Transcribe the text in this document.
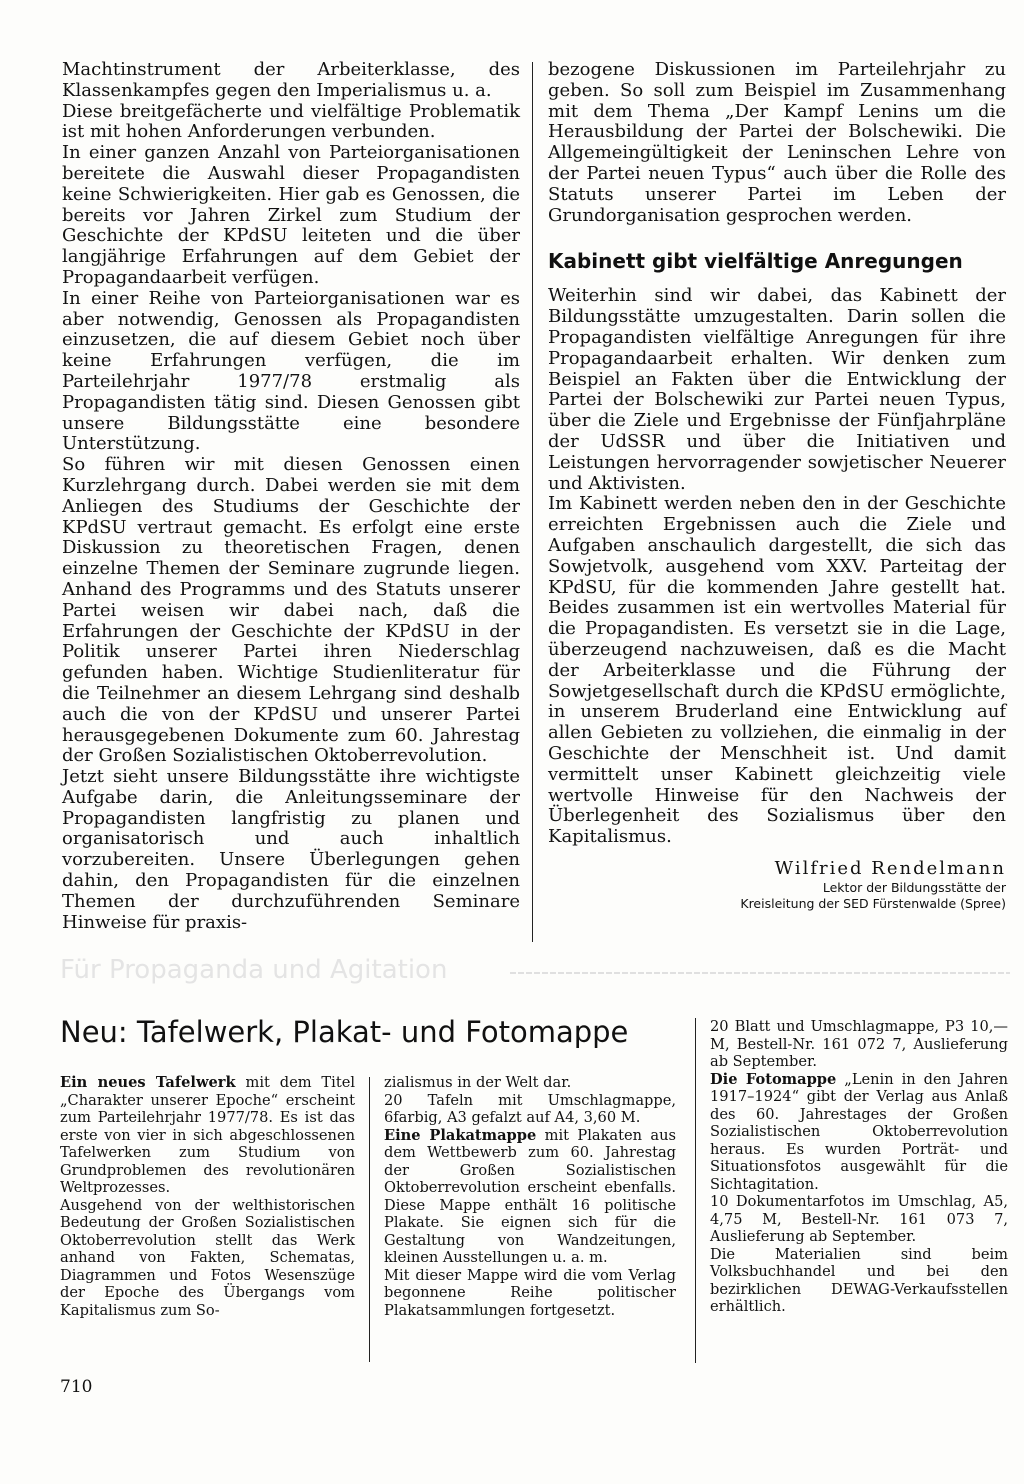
Machtinstrument der Arbeiterklasse, des Klassenkampfes gegen den Imperialismus u. a.

Diese breitgefächerte und vielfältige Problematik ist mit hohen Anforderungen verbunden.

In einer ganzen Anzahl von Parteiorganisationen bereitete die Auswahl dieser Propagandisten keine Schwierigkeiten. Hier gab es Genossen, die bereits vor Jahren Zirkel zum Studium der Geschichte der KPdSU leiteten und die über langjährige Erfahrungen auf dem Gebiet der Propagandaarbeit verfügen.

In einer Reihe von Parteiorganisationen war es aber notwendig, Genossen als Propagandisten einzusetzen, die auf diesem Gebiet noch über keine Erfahrungen verfügen, die im Parteilehrjahr 1977/78 erstmalig als Propagandisten tätig sind. Diesen Genossen gibt unsere Bildungsstätte eine besondere Unterstützung.

So führen wir mit diesen Genossen einen Kurzlehrgang durch. Dabei werden sie mit dem Anliegen des Studiums der Geschichte der KPdSU vertraut gemacht. Es erfolgt eine erste Diskussion zu theoretischen Fragen, denen einzelne Themen der Seminare zugrunde liegen. Anhand des Programms und des Statuts unserer Partei weisen wir dabei nach, daß die Erfahrungen der Geschichte der KPdSU in der Politik unserer Partei ihren Niederschlag gefunden haben. Wichtige Studienliteratur für die Teilnehmer an diesem Lehrgang sind deshalb auch die von der KPdSU und unserer Partei herausgegebenen Dokumente zum 60. Jahrestag der Großen Sozialistischen Oktoberrevolution.

Jetzt sieht unsere Bildungsstätte ihre wichtigste Aufgabe darin, die Anleitungsseminare der Propagandisten langfristig zu planen und organisatorisch und auch inhaltlich vorzubereiten. Unsere Überlegungen gehen dahin, den Propagandisten für die einzelnen Themen der durchzuführenden Seminare Hinweise für praxis-

bezogene Diskussionen im Parteilehrjahr zu geben. So soll zum Beispiel im Zusammenhang mit dem Thema „Der Kampf Lenins um die Herausbildung der Partei der Bolschewiki. Die Allgemeingültigkeit der Leninschen Lehre von der Partei neuen Typus“ auch über die Rolle des Statuts unserer Partei im Leben der Grundorganisation gesprochen werden.

Kabinett gibt vielfältige Anregungen

Weiterhin sind wir dabei, das Kabinett der Bildungsstätte umzugestalten. Darin sollen die Propagandisten vielfältige Anregungen für ihre Propagandaarbeit erhalten. Wir denken zum Beispiel an Fakten über die Entwicklung der Partei der Bolschewiki zur Partei neuen Typus, über die Ziele und Ergebnisse der Fünfjahrpläne der UdSSR und über die Initiativen und Leistungen hervorragender sowjetischer Neuerer und Aktivisten.

Im Kabinett werden neben den in der Geschichte erreichten Ergebnissen auch die Ziele und Aufgaben anschaulich dargestellt, die sich das Sowjetvolk, ausgehend vom XXV. Parteitag der KPdSU, für die kommenden Jahre gestellt hat. Beides zusammen ist ein wertvolles Material für die Propagandisten. Es versetzt sie in die Lage, überzeugend nachzuweisen, daß es die Macht der Arbeiterklasse und die Führung der Sowjetgesellschaft durch die KPdSU ermöglichte, in unserem Bruderland eine Entwicklung auf allen Gebieten zu vollziehen, die einmalig in der Geschichte der Menschheit ist. Und damit vermittelt unser Kabinett gleichzeitig viele wertvolle Hinweise für den Nachweis der Überlegenheit des Sozialismus über den Kapitalismus.

Wilfried Rendelmann
Lektor der Bildungsstätte der
Kreisleitung der SED Fürstenwalde (Spree)
Für Propaganda und Agitation
Neu: Tafelwerk, Plakat- und Fotomappe

Ein neues Tafelwerk mit dem Titel „Charakter unserer Epoche“ erscheint zum Parteilehrjahr 1977/78. Es ist das erste von vier in sich abgeschlossenen Tafelwerken zum Studium von Grundproblemen des revolutionären Weltprozesses.

Ausgehend von der welthistorischen Bedeutung der Großen Sozialistischen Oktoberrevolution stellt das Werk anhand von Fakten, Schematas, Diagrammen und Fotos Wesenszüge der Epoche des Übergangs vom Kapitalismus zum So-

zialismus in der Welt dar.

20 Tafeln mit Umschlagmappe, 6farbig, A3 gefalzt auf A4, 3,60 M.

Eine Plakatmappe mit Plakaten aus dem Wettbewerb zum 60. Jahrestag der Großen Sozialistischen Oktoberrevolution erscheint ebenfalls. Diese Mappe enthält 16 politische Plakate. Sie eignen sich für die Gestaltung von Wandzeitungen, kleinen Ausstellungen u. a. m.

Mit dieser Mappe wird die vom Verlag begonnene Reihe politischer Plakatsammlungen fortgesetzt.

20 Blatt und Umschlagmappe, P3 10,—M, Bestell-Nr. 161 072 7, Auslieferung ab September.

Die Fotomappe „Lenin in den Jahren 1917–1924“ gibt der Verlag aus Anlaß des 60. Jahrestages der Großen Sozialistischen Oktoberrevolution heraus. Es wurden Porträt- und Situationsfotos ausgewählt für die Sichtagitation.

10 Dokumentarfotos im Umschlag, A5, 4,75 M, Bestell-Nr. 161 073 7, Auslieferung ab September.

Die Materialien sind beim Volksbuchhandel und bei den bezirklichen DEWAG-Verkaufsstellen erhältlich.

710
